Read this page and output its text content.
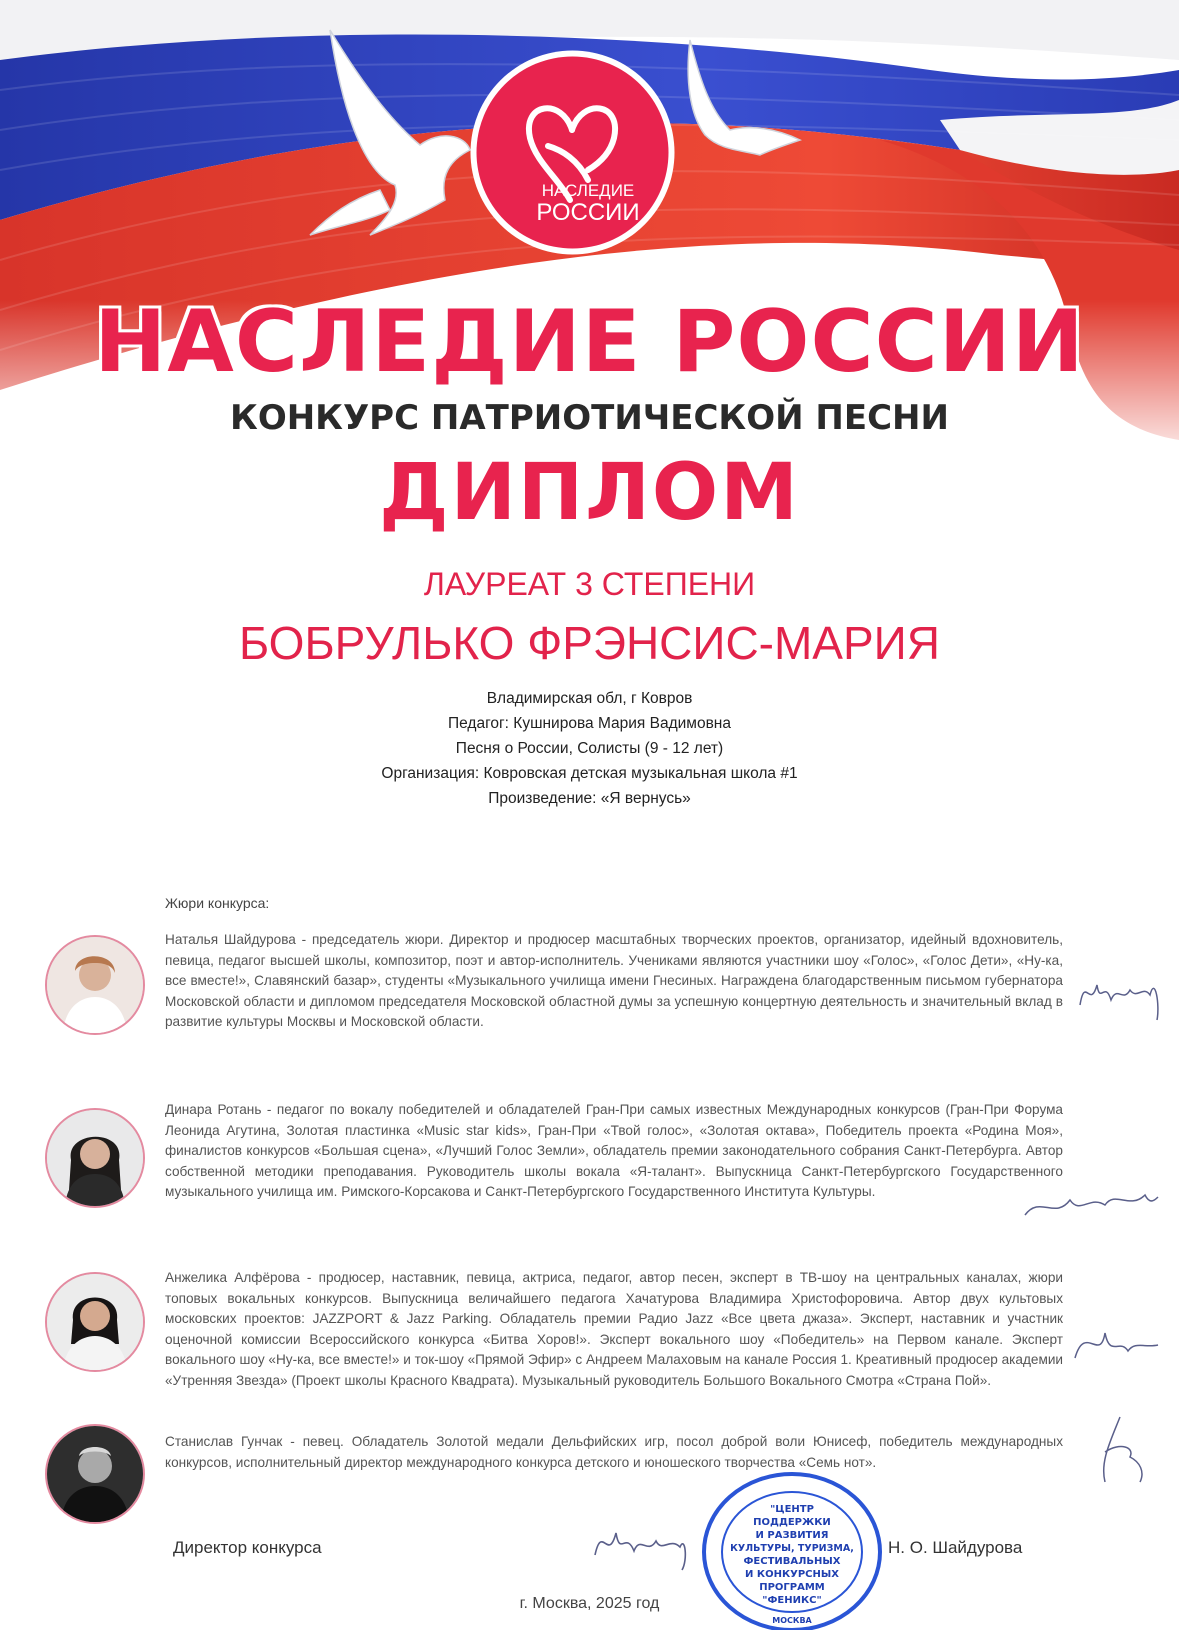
НАСЛЕДИЕ
РОССИИ
НАСЛЕДИЕ РОССИИ
КОНКУРС ПАТРИОТИЧЕСКОЙ ПЕСНИ
ДИПЛОМ
ЛАУРЕАТ 3 СТЕПЕНИ
БОБРУЛЬКО ФРЭНСИС-МАРИЯ
Владимирская обл, г Ковров
Педагог: Кушнирова Мария Вадимовна
Песня о России, Солисты (9 - 12 лет)
Организация: Ковровская детская музыкальная школа #1
Произведение: «Я вернусь»
Жюри конкурса:
Наталья Шайдурова - председатель жюри. Директор и продюсер масштабных творческих проектов, организатор, идейный вдохновитель, певица, педагог высшей школы, композитор, поэт и автор-исполнитель. Учениками являются участники шоу «Голос», «Голос Дети», «Ну-ка, все вместе!», Славянский базар», студенты «Музыкального училища имени Гнесиных. Награждена благодарственным письмом губернатора Московской области и дипломом председателя Московской областной думы за успешную концертную деятельность и значительный вклад в развитие культуры Москвы и Московской области.
Динара Ротань - педагог по вокалу победителей и обладателей Гран-При самых известных Международных конкурсов (Гран-При Форума Леонида Агутина, Золотая пластинка «Music star kids», Гран-При «Твой голос», «Золотая октава», Победитель проекта «Родина Моя», финалистов конкурсов «Большая сцена», «Лучший Голос Земли», обладатель премии законодательного собрания Санкт-Петербурга. Автор собственной методики преподавания. Руководитель школы вокала «Я-талант». Выпускница Санкт-Петербургского Государственного музыкального училища им. Римского-Корсакова и Санкт-Петербургского Государственного Института Культуры.
Анжелика Алфёрова - продюсер, наставник, певица, актриса, педагог, автор песен, эксперт в ТВ-шоу на центральных каналах, жюри топовых вокальных конкурсов. Выпускница величайшего педагога Хачатурова Владимира Христофоровича. Автор двух культовых московских проектов: JAZZPORT & Jazz Parking. Обладатель премии Радио Jazz «Все цвета джаза». Эксперт, наставник и участник оценочной комиссии Всероссийского конкурса «Битва Хоров!». Эксперт вокального шоу «Победитель» на Первом канале. Эксперт вокального шоу «Ну-ка, все вместе!» и ток-шоу «Прямой Эфир» с Андреем Малаховым на канале Россия 1. Креативный продюсер академии «Утренняя Звезда» (Проект школы Красного Квадрата). Музыкальный руководитель Большого Вокального Смотра «Страна Пой».
Станислав Гунчак - певец. Обладатель Золотой медали Дельфийских игр, посол доброй воли Юнисеф, победитель международных конкурсов, исполнительный директор международного конкурса детского и юношеского творчества «Семь нот».
Директор конкурса
"ЦЕНТР
ПОДДЕРЖКИ
И РАЗВИТИЯ
КУЛЬТУРЫ, ТУРИЗМА,
ФЕСТИВАЛЬНЫХ
И КОНКУРСНЫХ
ПРОГРАММ
"ФЕНИКС"
МОСКВА
Н. О. Шайдурова
г. Москва, 2025 год
